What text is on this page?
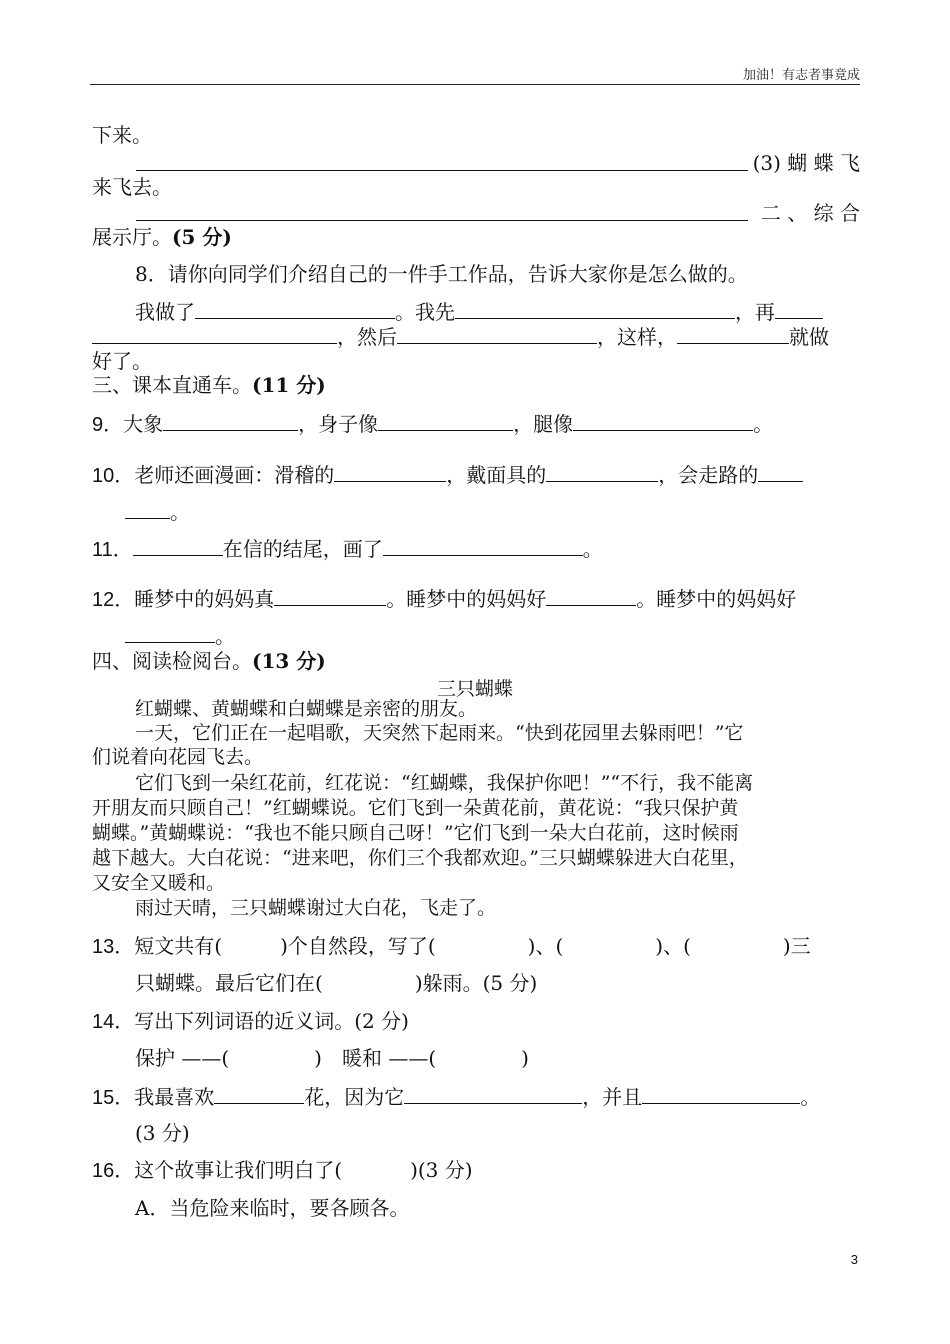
加油！有志者事竟成
下来。
(3) 蝴 蝶 飞
来飞去。
二 、 综 合
展示厅。(5 分)
8．请你向同学们介绍自己的一件手工作品，告诉大家你是怎么做的。
我做了	。我先	，再
，然后	，这样，	就做
好了。
三、课本直通车。(11 分)
9．大象	，身子像	，腿像	。
10．老师还画漫画：滑稽的	，戴面具的	，会走路的
。
11．	在信的结尾，画了	。
12．睡梦中的妈妈真	。睡梦中的妈妈好	。睡梦中的妈妈好
。
四、阅读检阅台。(13 分)
三只蝴蝶
红蝴蝶、黄蝴蝶和白蝴蝶是亲密的朋友。
一天，它们正在一起唱歌，天突然下起雨来。“快到花园里去躲雨吧！”它
们说着向花园飞去。
它们飞到一朵红花前，红花说：“红蝴蝶，我保护你吧！”“不行，我不能离
开朋友而只顾自己！”红蝴蝶说。它们飞到一朵黄花前，黄花说：“我只保护黄
蝴蝶。”黄蝴蝶说：“我也不能只顾自己呀！”它们飞到一朵大白花前，这时候雨
越下越大。大白花说：“进来吧，你们三个我都欢迎。”三只蝴蝶躲进大白花里，
又安全又暖和。
雨过天晴，三只蝴蝶谢过大白花，飞走了。
13．短文共有(	)个自然段，写了(	)、(	)、(	)三
只蝴蝶。最后它们在(	)躲雨。(5 分)
14．写出下列词语的近义词。(2 分)
保护 ——(	)　暖和 ——(	)
15．我最喜欢	花，因为它	，并且	。
(3 分)
16．这个故事让我们明白了(	)(3 分)
A．当危险来临时，要各顾各。
3
